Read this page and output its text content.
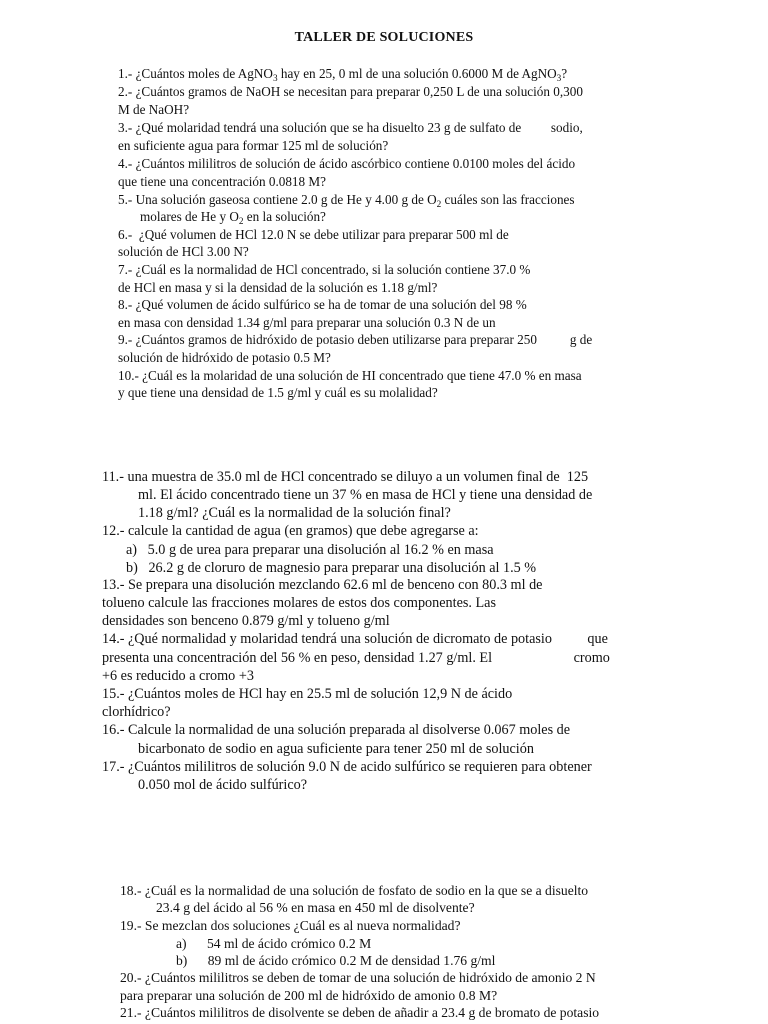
TALLER DE SOLUCIONES
1.- ¿Cuántos moles de AgNO$_3$ hay en 25, 0 ml de una solución 0.6000 M de AgNO$_3$?
2.- ¿Cuántos gramos de NaOH se necesitan para preparar 0,250 L de una solución 0,300
M de NaOH?
3.- ¿Qué molaridad tendrá una solución que se ha disuelto 23 g de sulfato de         sodio,
en suficiente agua para formar 125 ml de solución?
4.- ¿Cuántos mililitros de solución de ácido ascórbico contiene 0.0100 moles del ácido
que tiene una concentración 0.0818 M?
5.- Una solución gaseosa contiene 2.0 g de He y 4.00 g de $O_2$ cuáles son las fracciones
molares de He y $O_2$ en la solución?
6.-  ¿Qué volumen de HCl 12.0 N se debe utilizar para preparar 500 ml de
solución de HCl 3.00 N?
7.- ¿Cuál es la normalidad de HCl concentrado, si la solución contiene 37.0 %
de HCl en masa y si la densidad de la solución es 1.18 g/ml?
8.- ¿Qué volumen de ácido sulfúrico se ha de tomar de una solución del 98 %
en masa con densidad 1.34 g/ml para preparar una solución 0.3 N de un
9.- ¿Cuántos gramos de hidróxido de potasio deben utilizarse para preparar 250          g de
solución de hidróxido de potasio 0.5 M?
10.- ¿Cuál es la molaridad de una solución de HI concentrado que tiene 47.0 % en masa
y que tiene una densidad de 1.5 g/ml y cuál es su molalidad?
11.- una muestra de 35.0 ml de HCl concentrado se diluyo a un volumen final de  125
ml. El ácido concentrado tiene un 37 % en masa de HCl y tiene una densidad de
1.18 g/ml? ¿Cuál es la normalidad de la solución final?
12.- calcule la cantidad de agua (en gramos) que debe agregarse a:
a)   5.0 g de urea para preparar una disolución al 16.2 % en masa
b)   26.2 g de cloruro de magnesio para preparar una disolución al 1.5 %
13.- Se prepara una disolución mezclando 62.6 ml de benceno con 80.3 ml de
tolueno calcule las fracciones molares de estos dos componentes. Las
densidades son benceno 0.879 g/ml y tolueno g/ml
14.- ¿Qué normalidad y molaridad tendrá una solución de dicromato de potasio          que
presenta una concentración del 56 % en peso, densidad 1.27 g/ml. El                       cromo
+6 es reducido a cromo +3
15.- ¿Cuántos moles de HCl hay en 25.5 ml de solución 12,9 N de ácido
clorhídrico?
16.- Calcule la normalidad de una solución preparada al disolverse 0.067 moles de
bicarbonato de sodio en agua suficiente para tener 250 ml de solución
17.- ¿Cuántos mililitros de solución 9.0 N de acido sulfúrico se requieren para obtener
0.050 mol de ácido sulfúrico?
18.- ¿Cuál es la normalidad de una solución de fosfato de sodio en la que se a disuelto
23.4 g del ácido al 56 % en masa en 450 ml de disolvente?
19.- Se mezclan dos soluciones ¿Cuál es al nueva normalidad?
a)      54 ml de ácido crómico 0.2 M
b)      89 ml de ácido crómico 0.2 M de densidad 1.76 g/ml
20.- ¿Cuántos mililitros se deben de tomar de una solución de hidróxido de amonio 2 N
para preparar una solución de 200 ml de hidróxido de amonio 0.8 M?
21.- ¿Cuántos mililitros de disolvente se deben de añadir a 23.4 g de bromato de potasio
